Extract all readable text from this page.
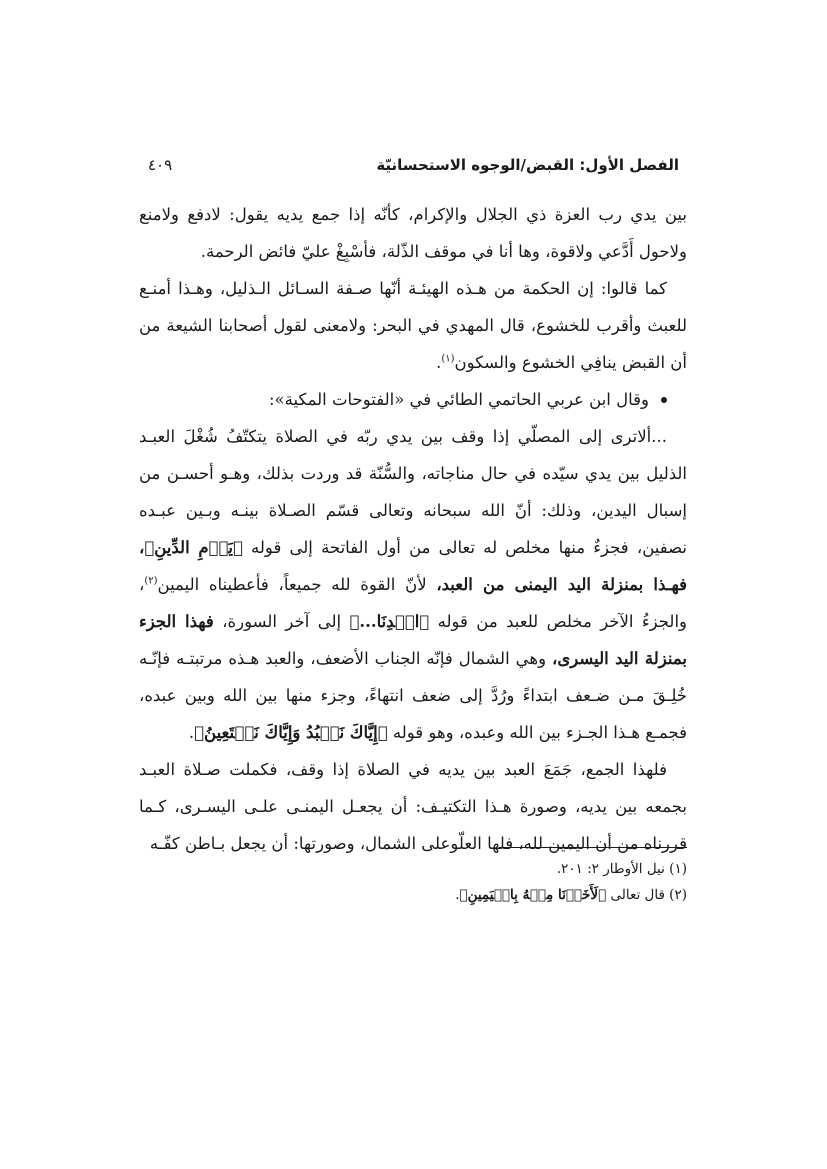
الفصل الأول: القبض/الوجوه الاستحسانيّة
٤٠٩

بين يدي رب العزة ذي الجلال والإكرام، كأنّه إذا جمع يديه يقول: لادفع ولامنع ولاحول أَدَّعي ولاقوة، وها أنا في موقف الذّلة، فأسْبِغْ عليّ فائض الرحمة.

كما قالوا: إن الحكمة من هـذه الهيئـة أنّها صـفة السـائل الـذليل، وهـذا أمنـع للعبث وأقرب للخشوع، قال المهدي في البحر: ولامعنى لقول أصحابنا الشيعة من أن القبض ينافِي الخشوع والسكون$^{(١)}$.

وقال ابن عربي الحاتمي الطائي في «الفتوحات المكية»:

...ألاترى إلى المصلّي إذا وقف بين يدي ربّه في الصلاة يتكتّفُ شُغْلَ العبـد الذليل بين يدي سيّده في حال مناجاته، والسُّنّة قد وردت بذلك، وهـو أحسـن من إسبال اليدين، وذلك: أنّ الله سبحانه وتعالى قسّم الصـلاة بينـه وبـين عبـده نصفين، فجزءٌ منها مخلص له تعالى من أول الفاتحة إلى قوله ﴿يَوۡمِ الدِّينِ﴾، فهـذا بمنزلة اليد اليمنى من العبد، لأنّ القوة لله جميعاً، فأعطيناه اليمين$^{(٢)}$، والجزءُ الآخر مخلص للعبد من قوله ﴿اهۡدِنَا...﴾ إلى آخر السورة، فهذا الجزء بمنزلة اليد اليسرى، وهي الشمال فإنّه الجناب الأضعف، والعبد هـذه مرتبتـه فإنّـه خُلِـقَ مـن ضـعف ابتداءً ورُدَّ إلى ضعف انتهاءً، وجزء منها بين الله وبين عبده، فجمـع هـذا الجـزء بين الله وعبده، وهو قوله ﴿إِيَّاكَ نَعۡبُدُ وَإِيَّاكَ نَسۡتَعِينُ﴾.

فلهذا الجمع، جَمَعَ العبد بين يديه في الصلاة إذا وقف، فكملت صـلاة العبـد بجمعه بين يديه، وصورة هـذا التكتيـف: أن يجعـل اليمنـى علـى اليسـرى، كـما قررناه من أن اليمين لله، فلها العلّوعلى الشمال، وصورتها: أن يجعل بـاطن كفّـه

(١) نيل الأوطار ٢: ٢٠١.
(٢) قال تعالى ﴿لَأَخَذۡنَا مِنۡهُ بِالۡيَمِينِ﴾.
